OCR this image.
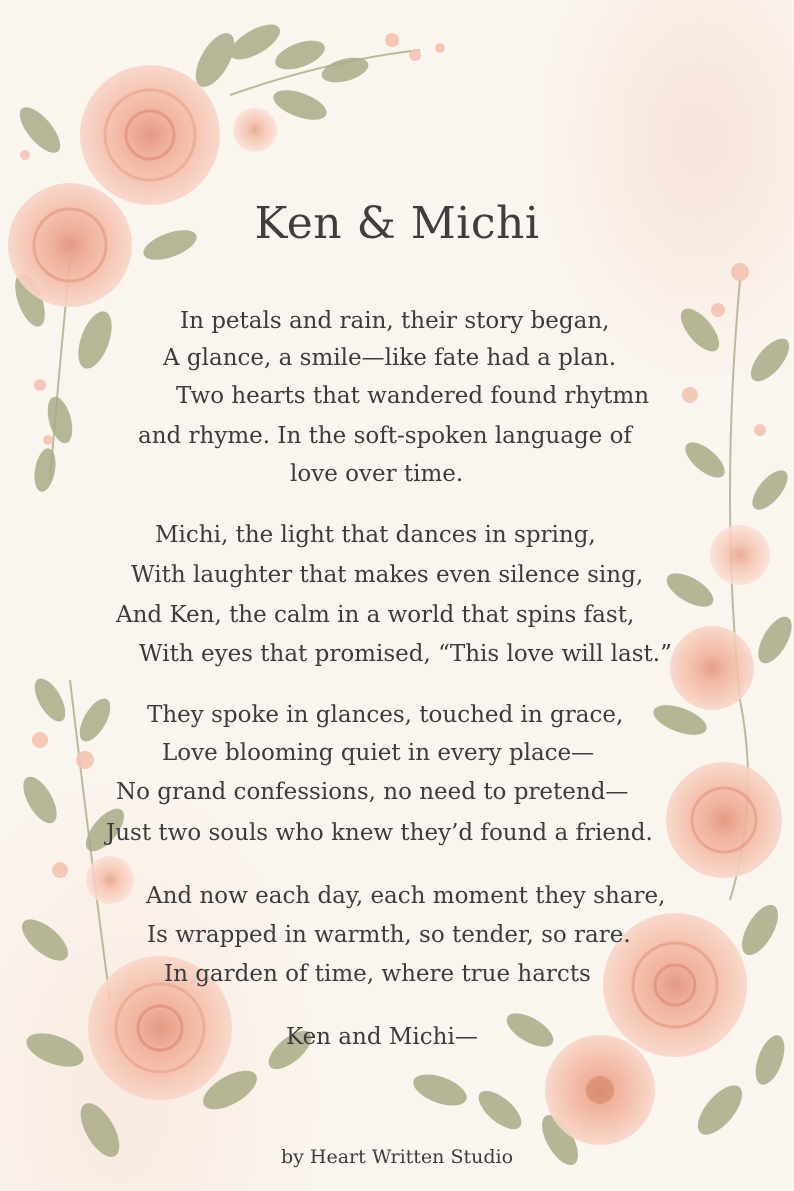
Ken & Michi
In petals and rain, their story began,
A glance, a smile—like fate had a plan.
Two hearts that wandered found rhytmn
and rhyme. In the soft-spoken language of
love over time.
Michi, the light that dances in spring,
With laughter that makes even silence sing,
And Ken, the calm in a world that spins fast,
With eyes that promised, “This love will last.”
They spoke in glances, touched in grace,
Love blooming quiet in every place—
No grand confessions, no need to pretend—
Just two souls who knew they’d found a friend.
And now each day, each moment they share,
Is wrapped in warmth, so tender, so rare.
In garden of time, where true harcts
Ken and Michi—
by Heart Written Studio
